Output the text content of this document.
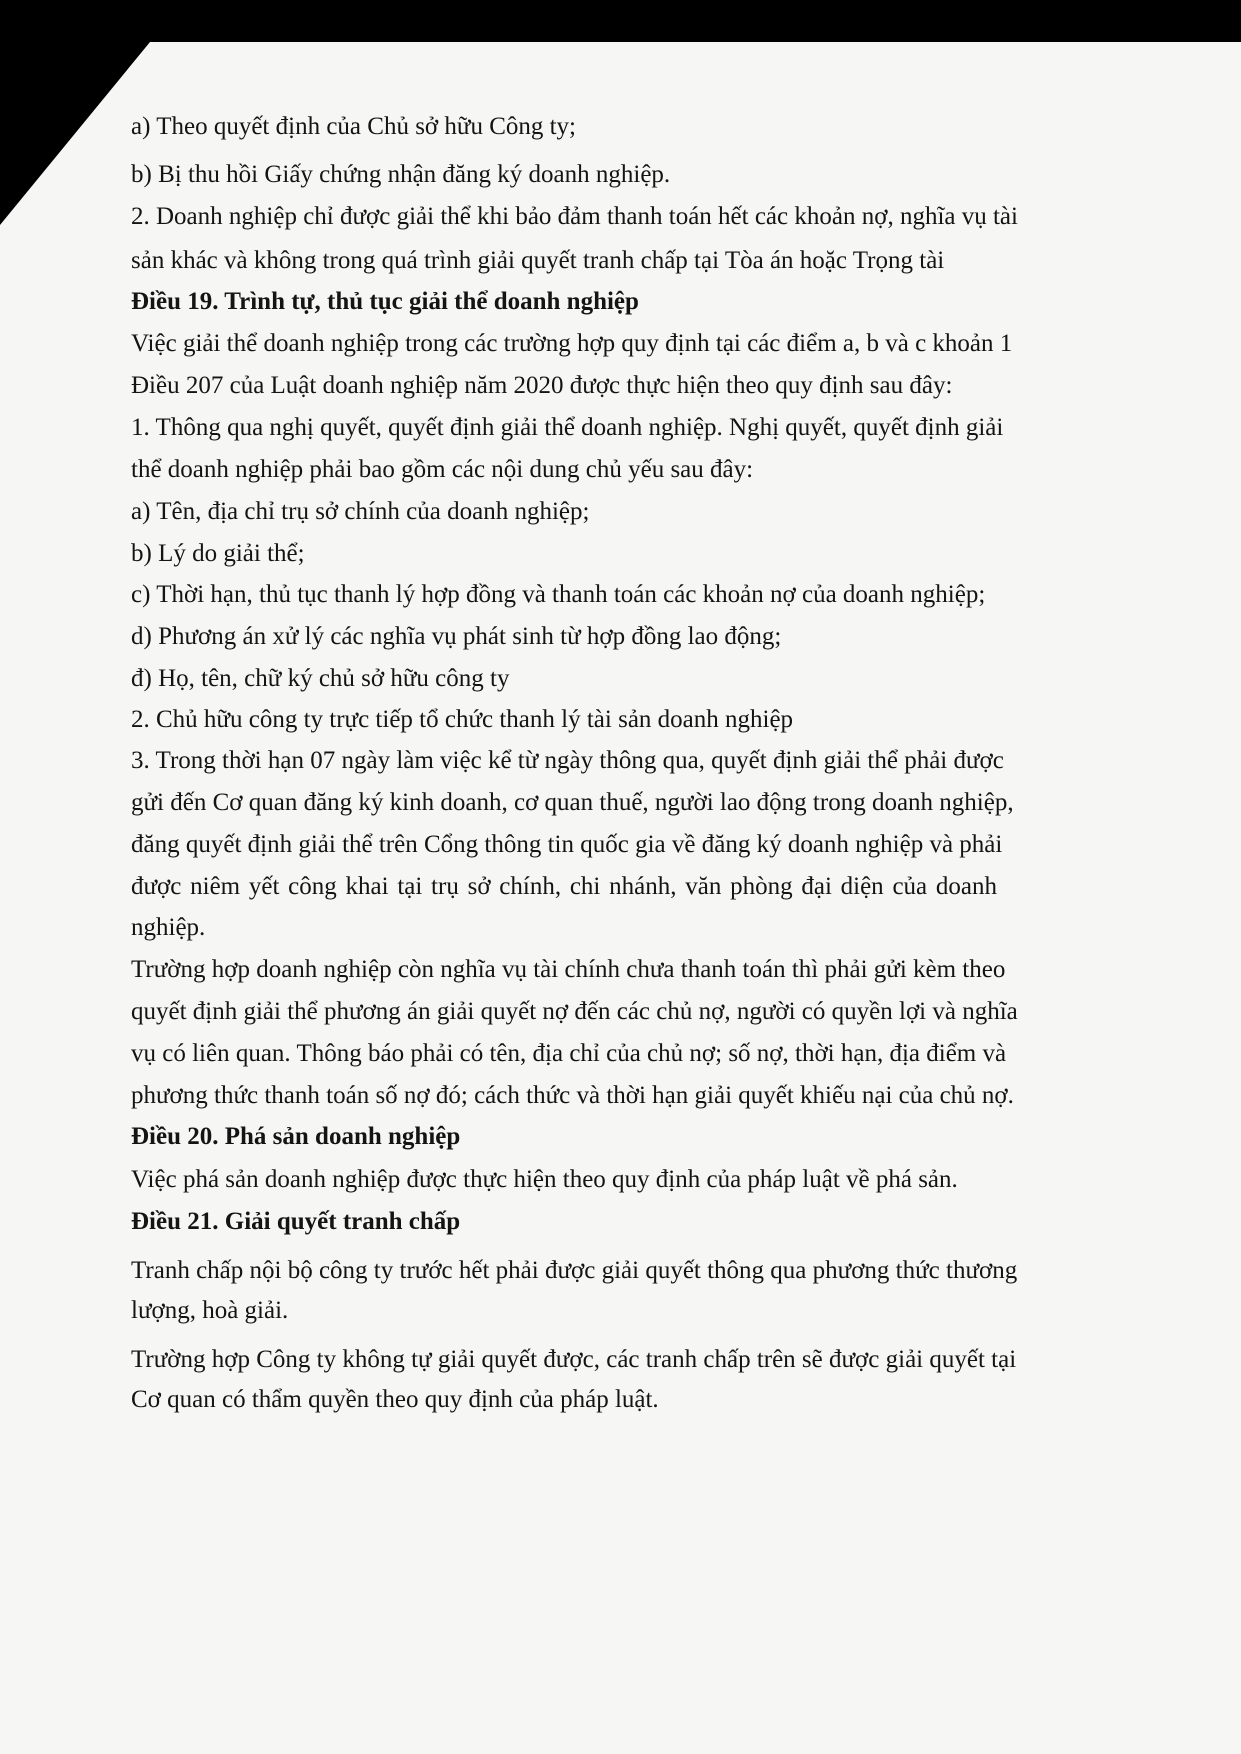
a) Theo quyết định của Chủ sở hữu Công ty;
b) Bị thu hồi Giấy chứng nhận đăng ký doanh nghiệp.
2. Doanh nghiệp chỉ được giải thể khi bảo đảm thanh toán hết các khoản nợ, nghĩa vụ tài
sản khác và không trong quá trình giải quyết tranh chấp tại Tòa án hoặc Trọng tài
Điều 19. Trình tự, thủ tục giải thể doanh nghiệp
Việc giải thể doanh nghiệp trong các trường hợp quy định tại các điểm a, b và c khoản 1
Điều 207 của Luật doanh nghiệp năm 2020 được thực hiện theo quy định sau đây:
1. Thông qua nghị quyết, quyết định giải thể doanh nghiệp. Nghị quyết, quyết định giải
thể doanh nghiệp phải bao gồm các nội dung chủ yếu sau đây:
a) Tên, địa chỉ trụ sở chính của doanh nghiệp;
b) Lý do giải thể;
c) Thời hạn, thủ tục thanh lý hợp đồng và thanh toán các khoản nợ của doanh nghiệp;
d) Phương án xử lý các nghĩa vụ phát sinh từ hợp đồng lao động;
đ) Họ, tên, chữ ký chủ sở hữu công ty
2. Chủ hữu công ty trực tiếp tổ chức thanh lý tài sản doanh nghiệp
3. Trong thời hạn 07 ngày làm việc kể từ ngày thông qua, quyết định giải thể phải được
gửi đến Cơ quan đăng ký kinh doanh, cơ quan thuế, người lao động trong doanh nghiệp,
đăng quyết định giải thể trên Cổng thông tin quốc gia về đăng ký doanh nghiệp và phải
được niêm yết công khai tại trụ sở chính, chi nhánh, văn phòng đại diện của doanh
nghiệp.
Trường hợp doanh nghiệp còn nghĩa vụ tài chính chưa thanh toán thì phải gửi kèm theo
quyết định giải thể phương án giải quyết nợ đến các chủ nợ, người có quyền lợi và nghĩa
vụ có liên quan. Thông báo phải có tên, địa chỉ của chủ nợ; số nợ, thời hạn, địa điểm và
phương thức thanh toán số nợ đó; cách thức và thời hạn giải quyết khiếu nại của chủ nợ.
Điều 20. Phá sản doanh nghiệp
Việc phá sản doanh nghiệp được thực hiện theo quy định của pháp luật về phá sản.
Điều 21. Giải quyết tranh chấp
Tranh chấp nội bộ công ty trước hết phải được giải quyết thông qua phương thức thương
lượng, hoà giải.
Trường hợp Công ty không tự giải quyết được, các tranh chấp trên sẽ được giải quyết tại
Cơ quan có thẩm quyền theo quy định của pháp luật.
